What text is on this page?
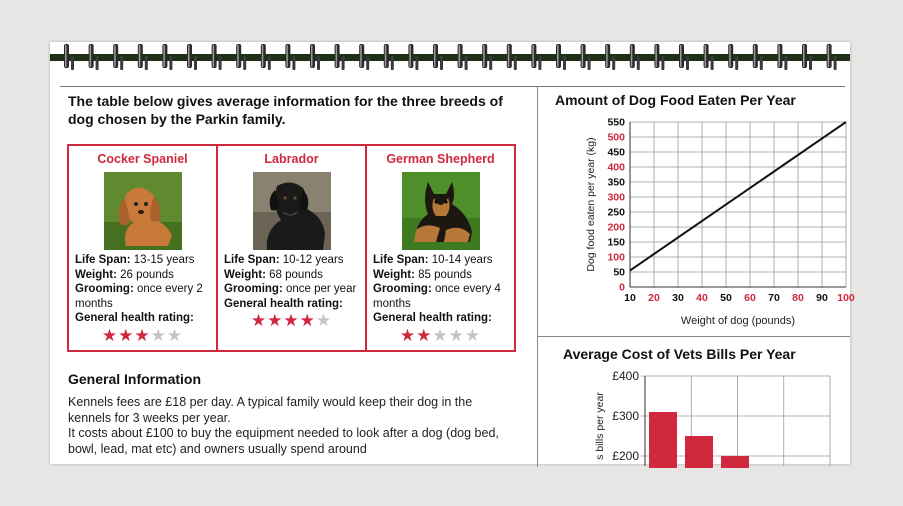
The table below gives average information for the three breeds of dog chosen by the Parkin family.
Cocker Spaniel
Life Span: 13-15 years
Weight: 26 pounds
Grooming: once every 2 months
General health rating:
★★★★★
Labrador
Life Span: 10-12 years
Weight: 68 pounds
Grooming: once per year
General health rating:
★★★★★
German Shepherd
Life Span: 10-14 years
Weight: 85 pounds
Grooming: once every 4 months
General health rating:
★★★★★
General Information

Kennels fees are £18 per day. A typical family would keep their dog in the kennels for 3 weeks per year.

It costs about £100 to buy the equipment needed to look after a dog (dog bed, bowl, lead, mat etc) and owners usually spend around

Amount of Dog Food Eaten Per Year
10 20 30 40 50 60 70 80 90 100
0
50
100
150
200
250
300
350
400
450
500
550
Weight of dog (pounds)
Dog food eaten per year (kg)
Average Cost of Vets Bills Per Year
£400
£300
£200
s bills per year
